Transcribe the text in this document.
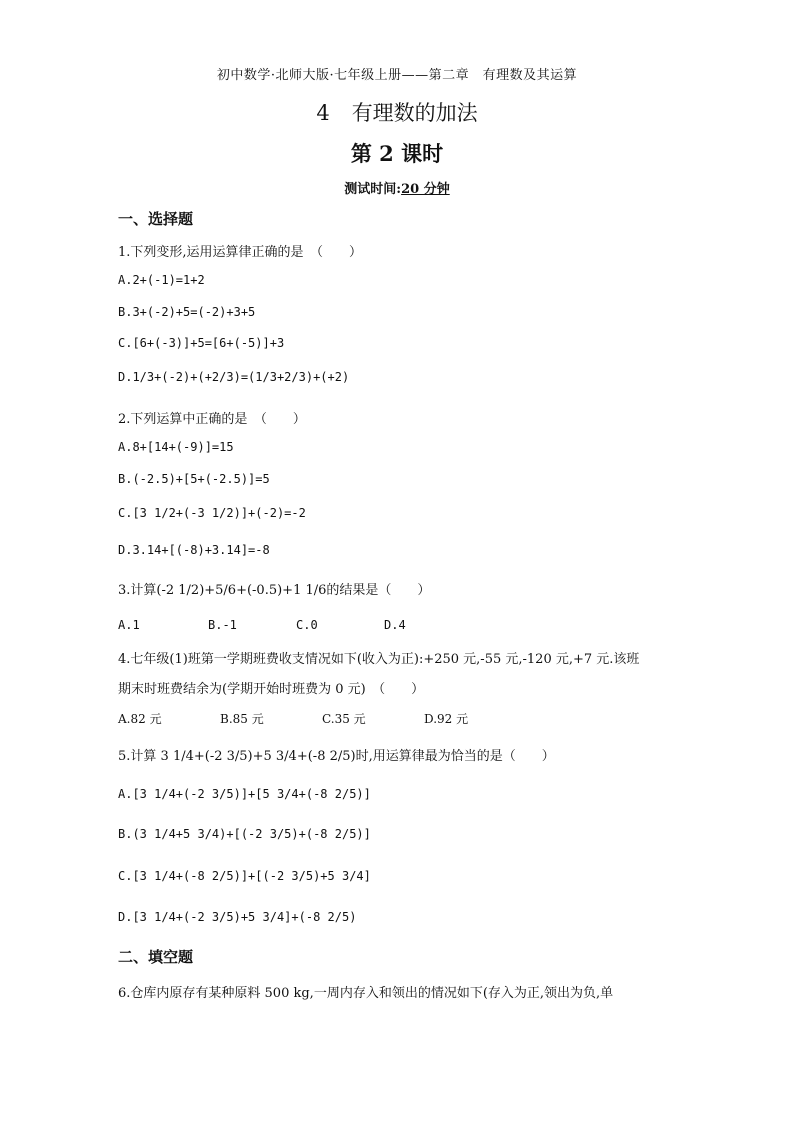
初中数学·北师大版·七年级上册——第二章　有理数及其运算
4 有理数的加法
第 2 课时
测试时间:20 分钟
一、选择题
1.下列变形,运用运算律正确的是　（　　）
A.2+(-1)=1+2
B.3+(-2)+5=(-2)+3+5
C.[6+(-3)]+5=[6+(-5)]+3
D.1/3+(-2)+(+2/3)=(1/3+2/3)+(+2)
2.下列运算中正确的是　（　　）
A.8+[14+(-9)]=15
B.(-2.5)+[5+(-2.5)]=5
C.[3 1/2+(-3 1/2)]+(-2)=-2
D.3.14+[(-8)+3.14]=-8
3.计算(-2 1/2)+5/6+(-0.5)+1 1/6的结果是（　　）
A.1	B.-1	C.0	D.4
4.七年级(1)班第一学期班费收支情况如下(收入为正):+250 元,-55 元,-120 元,+7 元.该班
期末时班费结余为(学期开始时班费为 0 元)　（　　）
A.82 元	B.85 元	C.35 元	D.92 元
5.计算 3 1/4+(-2 3/5)+5 3/4+(-8 2/5)时,用运算律最为恰当的是（　　）
A.[3 1/4+(-2 3/5)]+[5 3/4+(-8 2/5)]
B.(3 1/4+5 3/4)+[(-2 3/5)+(-8 2/5)]
C.[3 1/4+(-8 2/5)]+[(-2 3/5)+5 3/4]
D.[3 1/4+(-2 3/5)+5 3/4]+(-8 2/5)
二、填空题
6.仓库内原存有某种原料 500 kg,一周内存入和领出的情况如下(存入为正,领出为负,单
